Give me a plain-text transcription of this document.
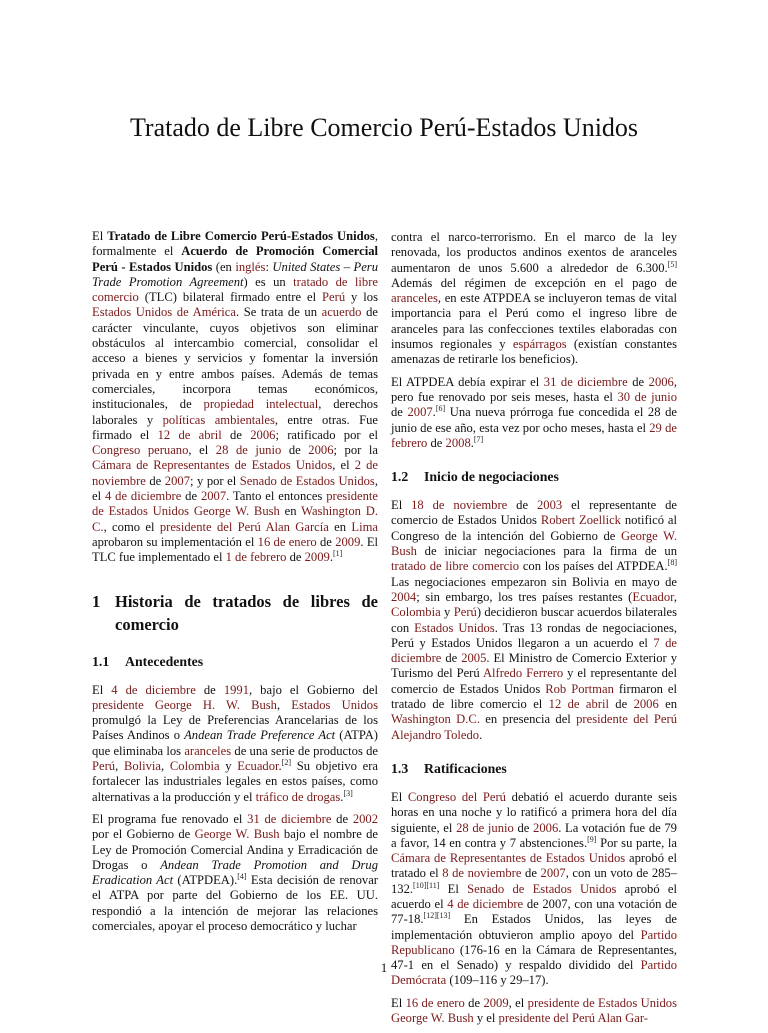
Tratado de Libre Comercio Perú-Estados Unidos

El Tratado de Libre Comercio Perú-Estados Unidos, formalmente el Acuerdo de Promoción Comercial Perú - Estados Unidos (en inglés: United States – Peru Trade Promotion Agreement) es un tratado de libre comercio (TLC) bilateral firmado entre el Perú y los Estados Unidos de América. Se trata de un acuerdo de carácter vinculante, cuyos objetivos son eliminar obstáculos al intercambio comercial, consolidar el acceso a bienes y servicios y fomentar la inversión privada en y entre ambos países. Además de temas comerciales, incorpora temas económicos, institucionales, de propiedad intelectual, derechos laborales y políticas ambientales, entre otras. Fue firmado el 12 de abril de 2006; ratificado por el Congreso peruano, el 28 de junio de 2006; por la Cámara de Representantes de Estados Unidos, el 2 de noviembre de 2007; y por el Senado de Estados Unidos, el 4 de diciembre de 2007. Tanto el entonces presidente de Estados Unidos George W. Bush en Washington D. C., como el presidente del Perú Alan García en Lima aprobaron su implementación el 16 de enero de 2009. El TLC fue implementado el 1 de febrero de 2009.[1]

1 Historia de tratados de libres de comercio
1.1 Antecedentes

El 4 de diciembre de 1991, bajo el Gobierno del presidente George H. W. Bush, Estados Unidos promulgó la Ley de Preferencias Arancelarias de los Países Andinos o Andean Trade Preference Act (ATPA) que eliminaba los aranceles de una serie de productos de Perú, Bolivia, Colombia y Ecuador.[2] Su objetivo era fortalecer las industriales legales en estos países, como alternativas a la producción y el tráfico de drogas.[3]

El programa fue renovado el 31 de diciembre de 2002 por el Gobierno de George W. Bush bajo el nombre de Ley de Promoción Comercial Andina y Erradicación de Drogas o Andean Trade Promotion and Drug Eradication Act (ATPDEA).[4] Esta decisión de renovar el ATPA por parte del Gobierno de los EE. UU. respondió a la intención de mejorar las relaciones comerciales, apoyar el proceso democrático y luchar

contra el narco-terrorismo. En el marco de la ley renovada, los productos andinos exentos de aranceles aumentaron de unos 5.600 a alrededor de 6.300.[5] Además del régimen de excepción en el pago de aranceles, en este ATPDEA se incluyeron temas de vital importancia para el Perú como el ingreso libre de aranceles para las confecciones textiles elaboradas con insumos regionales y espárragos (existían constantes amenazas de retirarle los beneficios).

El ATPDEA debía expirar el 31 de diciembre de 2006, pero fue renovado por seis meses, hasta el 30 de junio de 2007.[6] Una nueva prórroga fue concedida el 28 de junio de ese año, esta vez por ocho meses, hasta el 29 de febrero de 2008.[7]

1.2 Inicio de negociaciones

El 18 de noviembre de 2003 el representante de comercio de Estados Unidos Robert Zoellick notificó al Congreso de la intención del Gobierno de George W. Bush de iniciar negociaciones para la firma de un tratado de libre comercio con los países del ATPDEA.[8] Las negociaciones empezaron sin Bolivia en mayo de 2004; sin embargo, los tres países restantes (Ecuador, Colombia y Perú) decidieron buscar acuerdos bilaterales con Estados Unidos. Tras 13 rondas de negociaciones, Perú y Estados Unidos llegaron a un acuerdo el 7 de diciembre de 2005. El Ministro de Comercio Exterior y Turismo del Perú Alfredo Ferrero y el representante del comercio de Estados Unidos Rob Portman firmaron el tratado de libre comercio el 12 de abril de 2006 en Washington D.C. en presencia del presidente del Perú Alejandro Toledo.

1.3 Ratificaciones

El Congreso del Perú debatió el acuerdo durante seis horas en una noche y lo ratificó a primera hora del día siguiente, el 28 de junio de 2006. La votación fue de 79 a favor, 14 en contra y 7 abstenciones.[9] Por su parte, la Cámara de Representantes de Estados Unidos aprobó el tratado el 8 de noviembre de 2007, con un voto de 285–132.[10][11] El Senado de Estados Unidos aprobó el acuerdo el 4 de diciembre de 2007, con una votación de 77-18.[12][13] En Estados Unidos, las leyes de implementación obtuvieron amplio apoyo del Partido Republicano (176-16 en la Cámara de Representantes, 47-1 en el Senado) y respaldo dividido del Partido Demócrata (109–116 y 29–17).

El 16 de enero de 2009, el presidente de Estados Unidos George W. Bush y el presidente del Perú Alan Gar-

1
